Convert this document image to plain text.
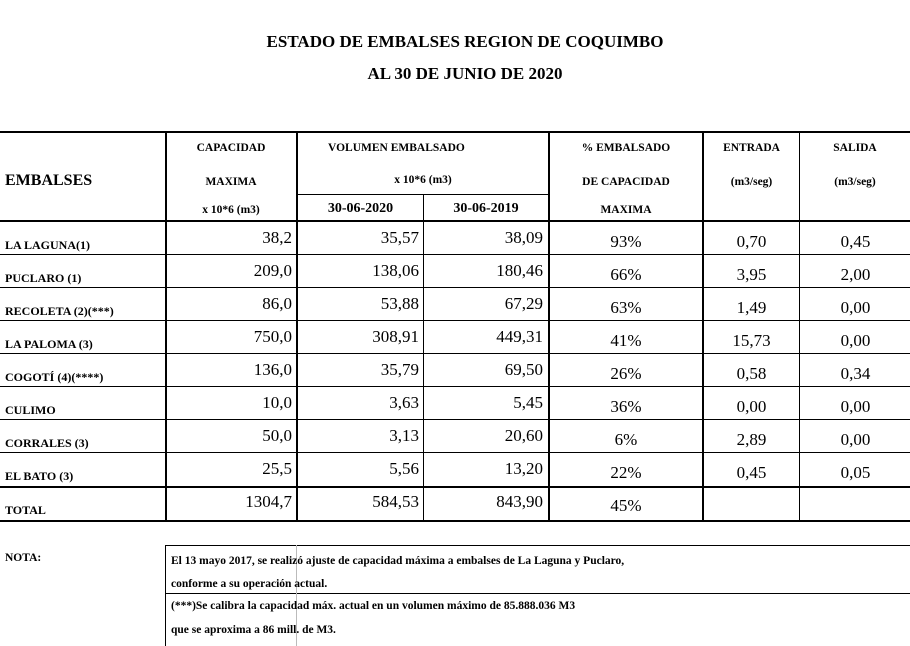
ESTADO DE EMBALSES REGION DE COQUIMBO
AL 30 DE JUNIO DE 2020
EMBALSES
CAPACIDAD
MAXIMA
x 10*6 (m3)
VOLUMEN EMBALSADO
x 10*6 (m3)
30-06-2020	30-06-2019
% EMBALSADO
DE CAPACIDAD
MAXIMA
ENTRADA
(m3/seg)
SALIDA
(m3/seg)
LA LAGUNA(1)	38,2	35,57	38,09	93%	0,70	0,45
PUCLARO (1)	209,0	138,06	180,46	66%	3,95	2,00
RECOLETA (2)(***)	86,0	53,88	67,29	63%	1,49	0,00
LA PALOMA (3)	750,0	308,91	449,31	41%	15,73	0,00
COGOTÍ (4)(****)	136,0	35,79	69,50	26%	0,58	0,34
CULIMO	10,0	3,63	5,45	36%	0,00	0,00
CORRALES (3)	50,0	3,13	20,60	6%	2,89	0,00
EL BATO (3)	25,5	5,56	13,20	22%	0,45	0,05
TOTAL	1304,7	584,53	843,90	45%
NOTA:	El 13 mayo 2017, se realizó ajuste de capacidad máxima a embalses de La Laguna y Puclaro,
conforme a su operación actual.
(***)Se calibra la capacidad máx. actual en un volumen máximo de 85.888.036 M3
que se aproxima a 86 mill. de M3.
